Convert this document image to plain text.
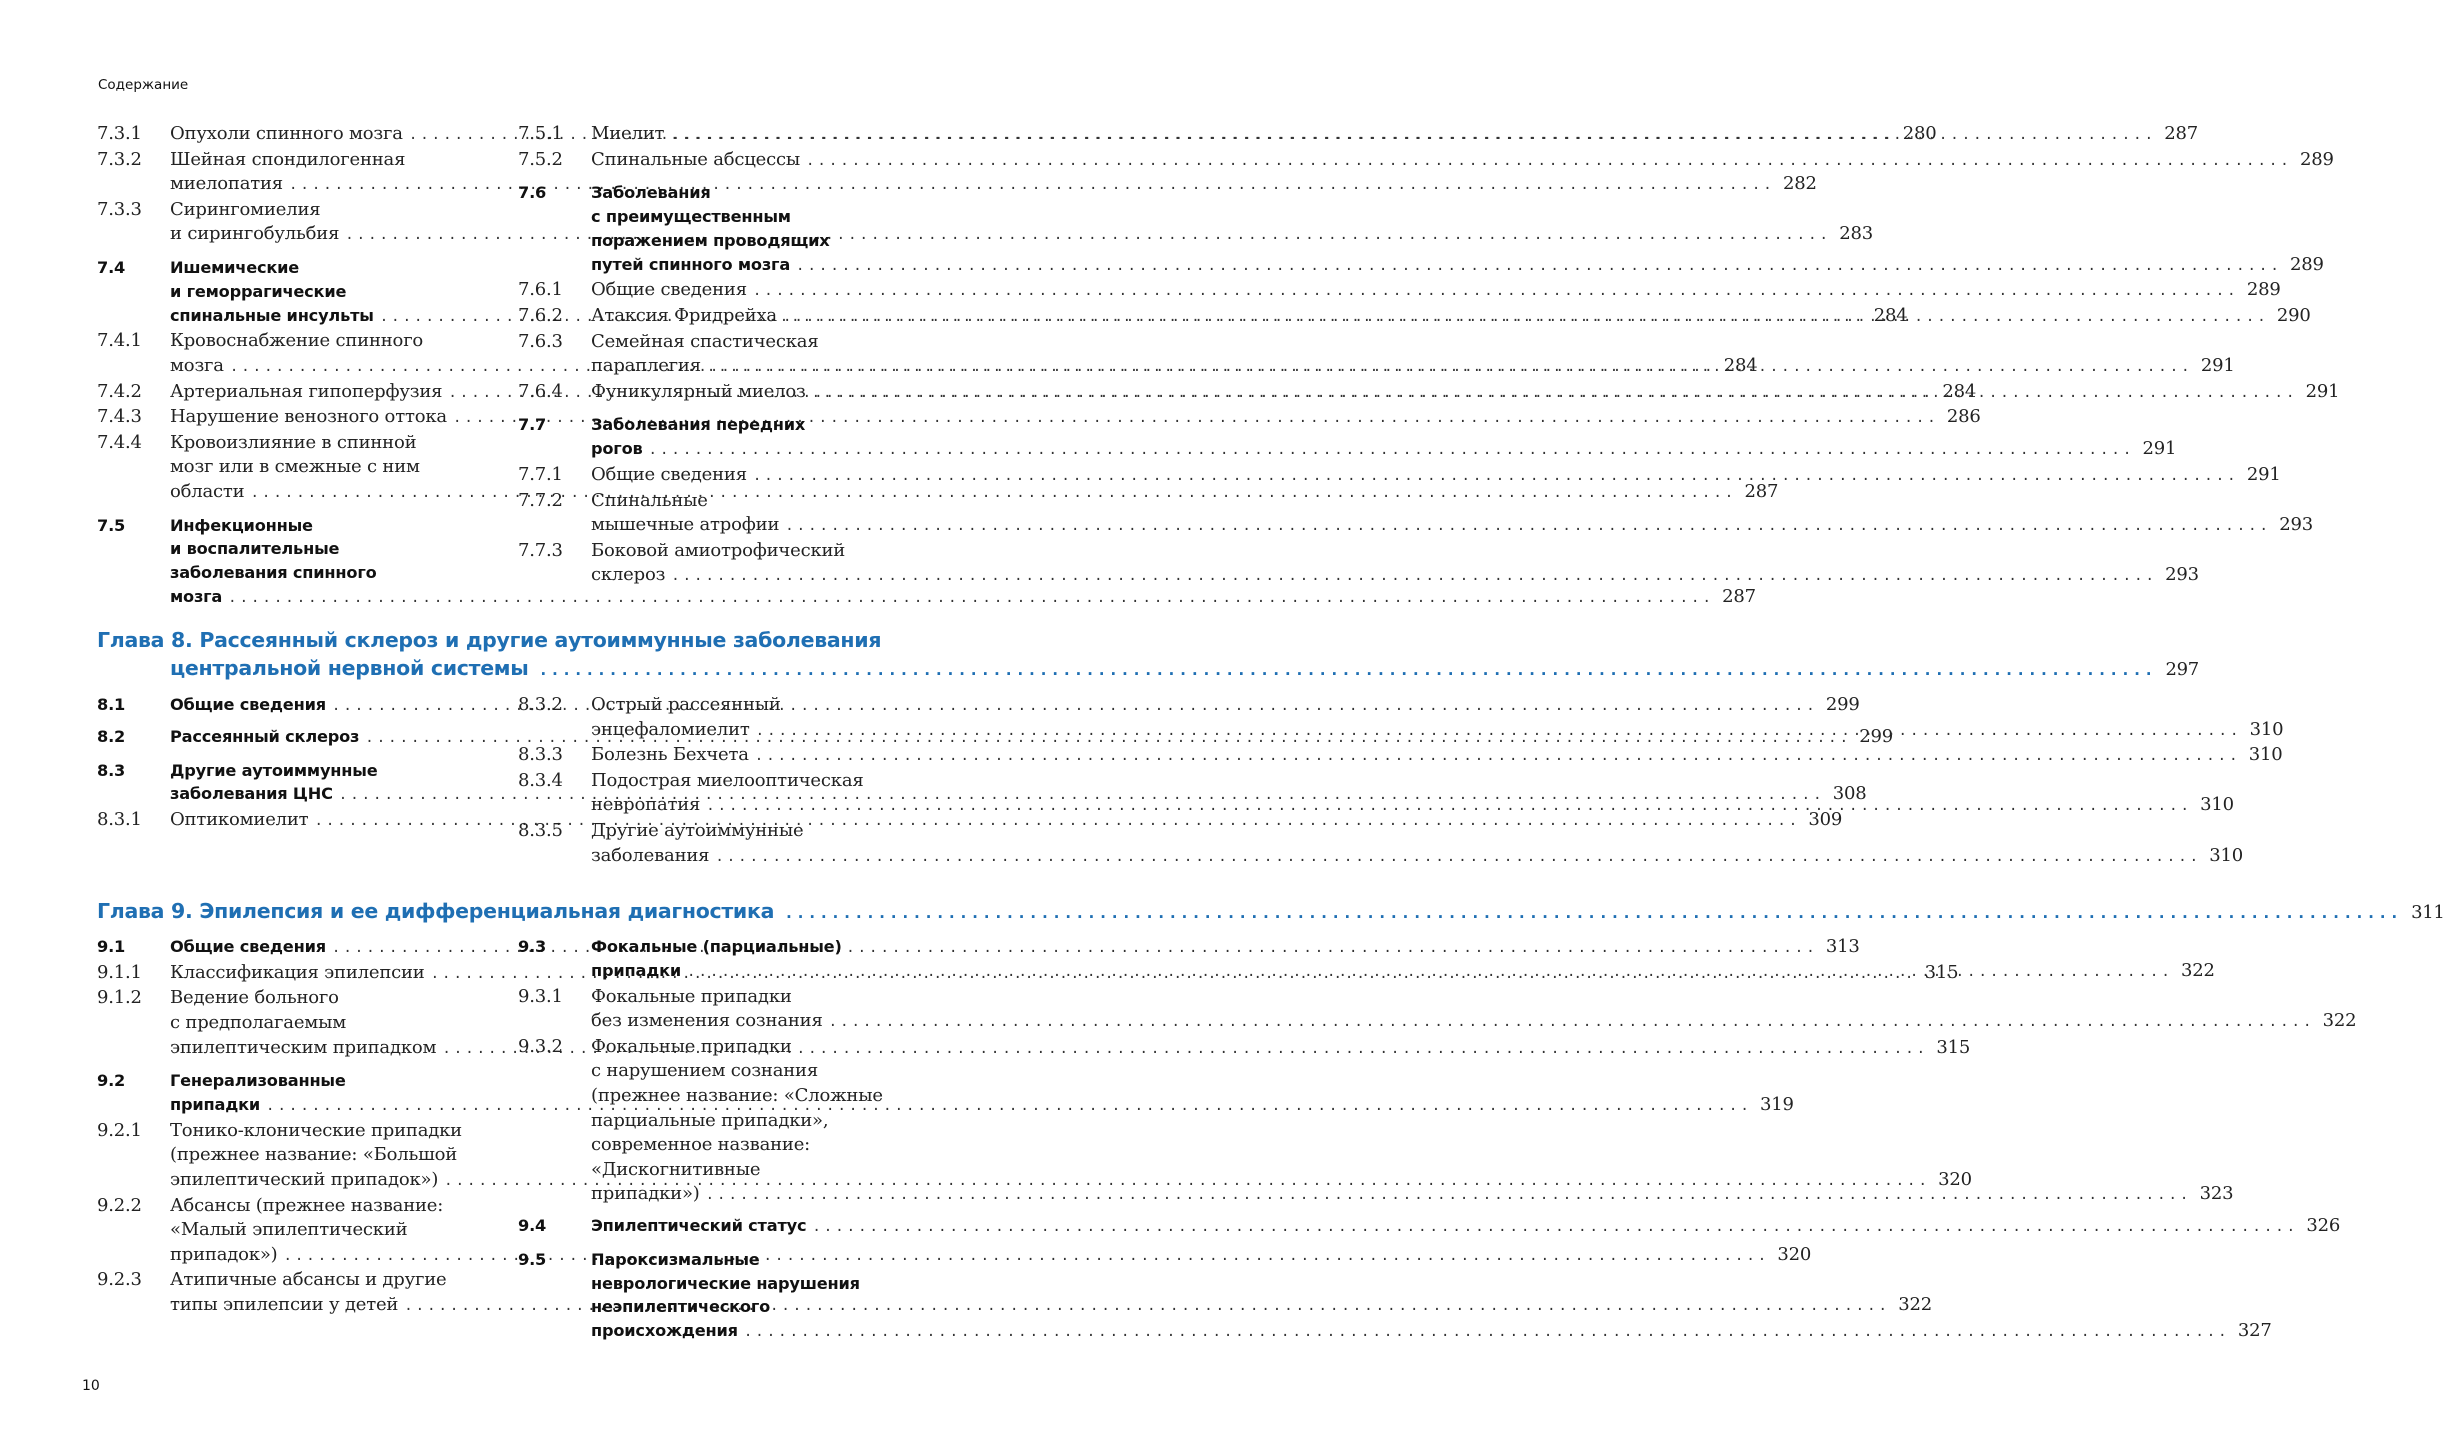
Содержание
7.3.1	Опухоли спинного мозга .....	280
7.3.2	Шейная спондилогенная
миелопатия .....	282
7.3.3	Сирингомиелия
и сирингобульбия .....	283
7.4	Ишемические
и геморрагические
спинальные инсульты .....	284
7.4.1	Кровоснабжение спинного
мозга .....	284
7.4.2	Артериальная гипоперфузия .....	284
7.4.3	Нарушение венозного оттока .....	286
7.4.4	Кровоизлияние в спинной
мозг или в смежные с ним
области .....	287
7.5	Инфекционные
и воспалительные
заболевания спинного
мозга .....	287
7.5.1	Миелит .....	287
7.5.2	Спинальные абсцессы .....	289
7.6	Заболевания
с преимущественным
поражением проводящих
путей спинного мозга .....	289
7.6.1	Общие сведения .....	289
7.6.2	Атаксия Фридрейха .....	290
7.6.3	Семейная спастическая
параплегия .....	291
7.6.4	Фуникулярный миелоз .....	291
7.7	Заболевания передних
рогов .....	291
7.7.1	Общие сведения .....	291
7.7.2	Спинальные
мышечные атрофии .....	293
7.7.3	Боковой амиотрофический
склероз .....	293
Глава 8. Рассеянный склероз и другие аутоиммунные заболевания
центральной нервной системы .....	297
8.1	Общие сведения .....	299
8.2	Рассеянный склероз .....	299
8.3	Другие аутоиммунные
заболевания ЦНС .....	308
8.3.1	Оптикомиелит .....	309
8.3.2	Острый рассеянный
энцефаломиелит .....	310
8.3.3	Болезнь Бехчета .....	310
8.3.4	Подострая миелооптическая
невропатия .....	310
8.3.5	Другие аутоиммунные
заболевания .....	310
Глава 9. Эпилепсия и ее дифференциальная диагностика .....	311
9.1	Общие сведения .....	313
9.1.1	Классификация эпилепсии .....	315
9.1.2	Ведение больного
с предполагаемым
эпилептическим припадком .....	315
9.2	Генерализованные
припадки .....	319
9.2.1	Тонико-клонические припадки
(прежнее название: «Большой
эпилептический припадок») .....	320
9.2.2	Абсансы (прежнее название:
«Малый эпилептический
припадок») .....	320
9.2.3	Атипичные абсансы и другие
типы эпилепсии у детей .....	322
9.3	Фокальные (парциальные)
припадки .....	322
9.3.1	Фокальные припадки
без изменения сознания .....	322
9.3.2	Фокальные припадки
с нарушением сознания
(прежнее название: «Сложные
парциальные припадки»,
современное название:
«Дискогнитивные
припадки») .....	323
9.4	Эпилептический статус .....	326
9.5	Пароксизмальные
неврологические нарушения
неэпилептического
происхождения .....	327
10
